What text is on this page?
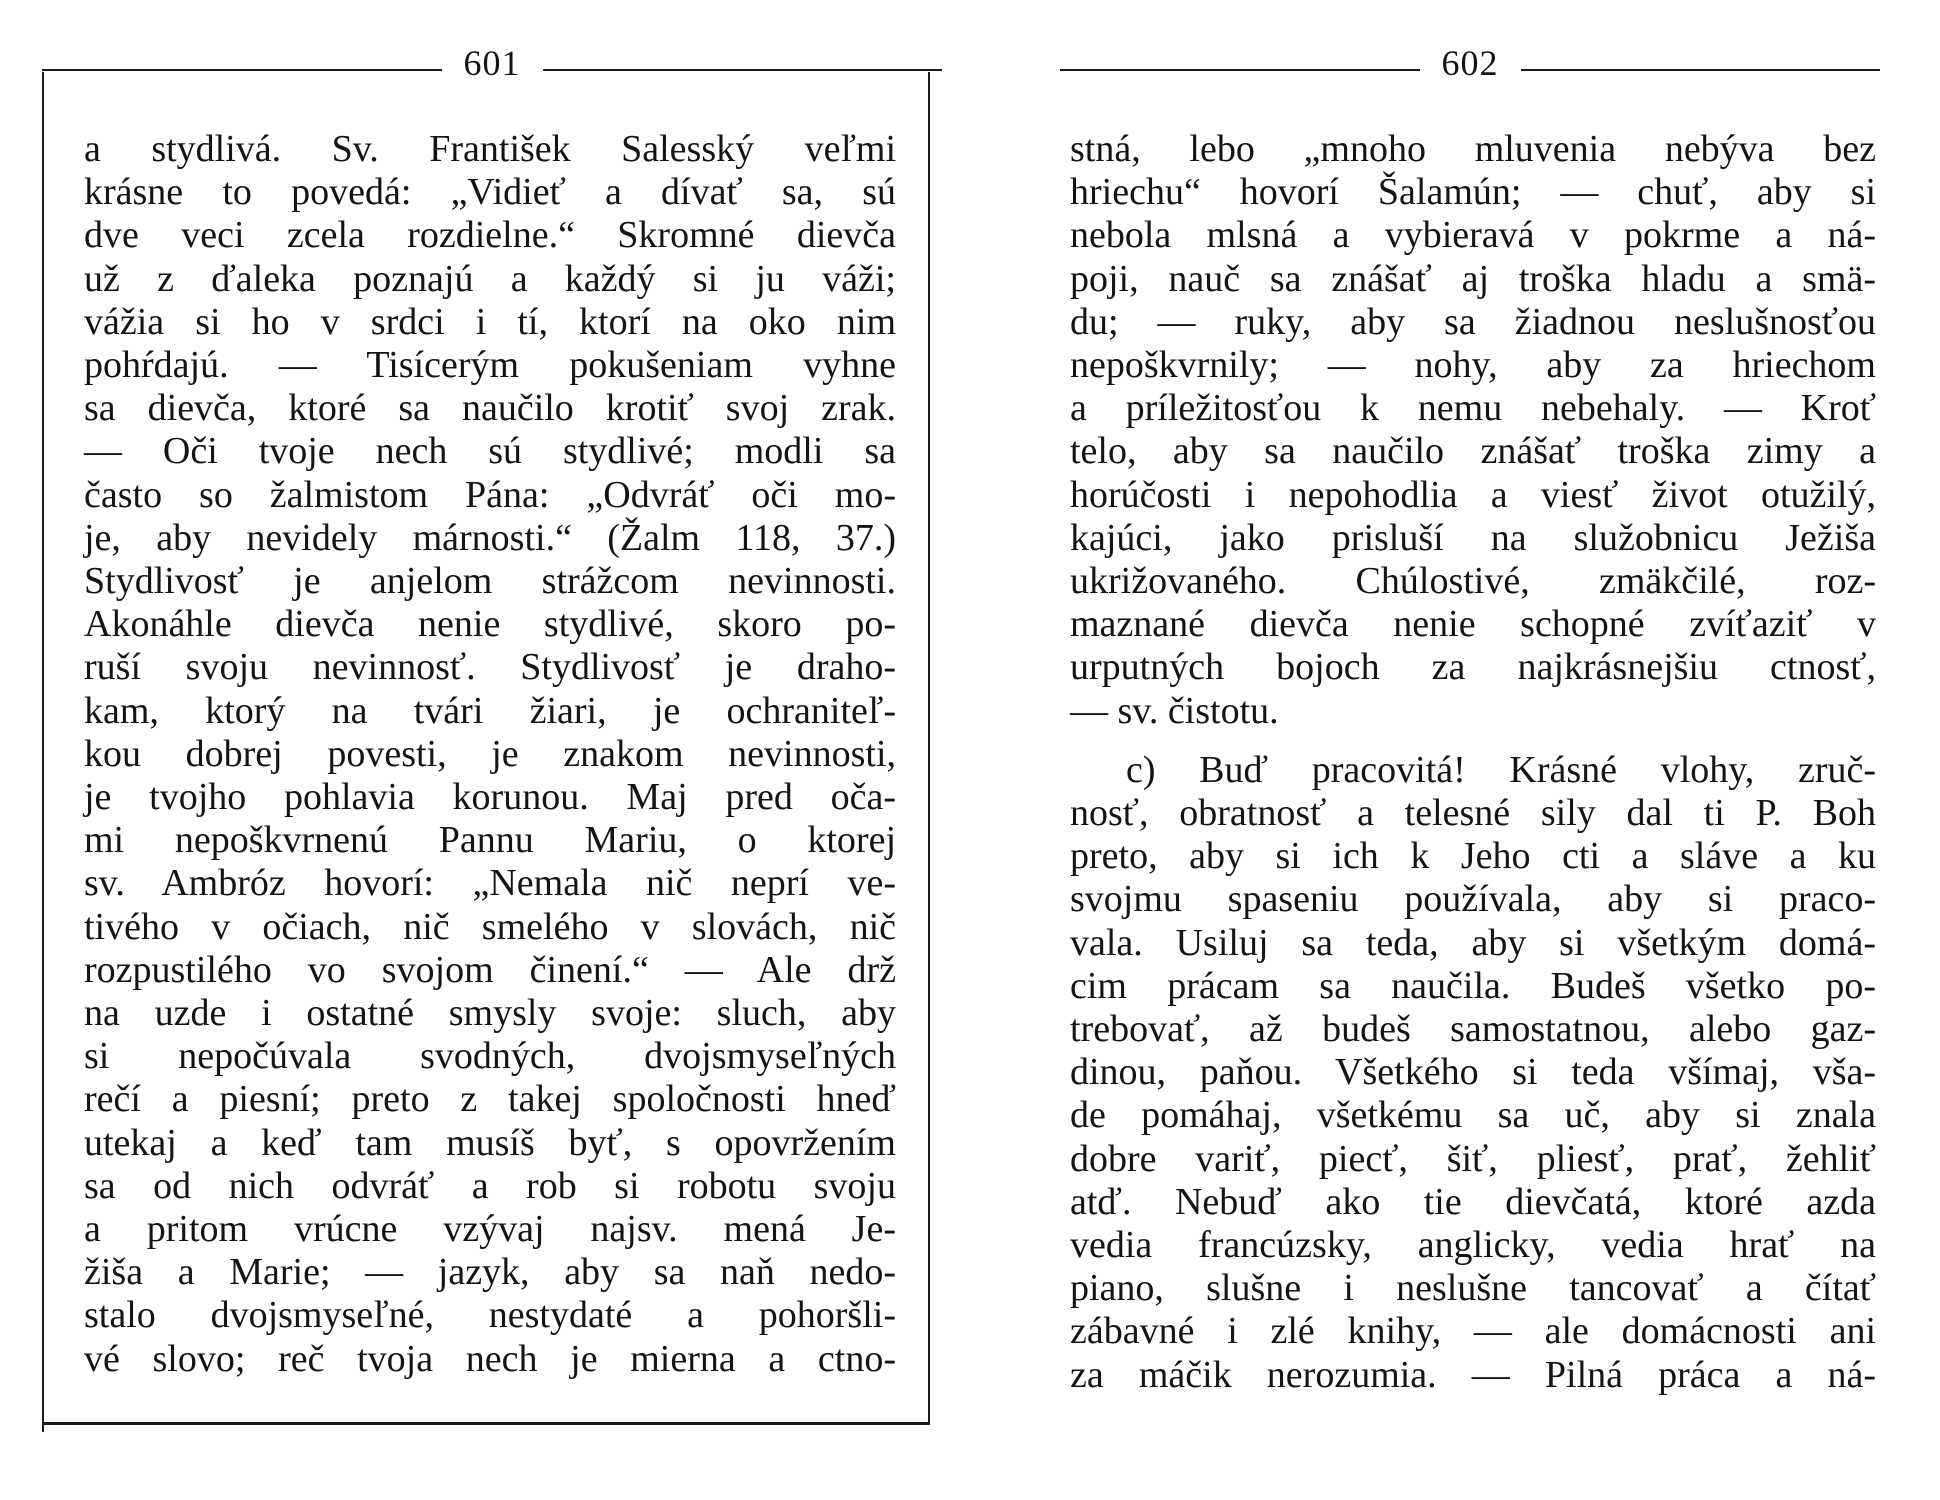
601
a stydlivá. Sv. František Salesský veľmi
krásne to povedá: „Vidieť a dívať sa, sú
dve veci zcela rozdielne.“ Skromné dievča
už z ďaleka poznajú a každý si ju váži;
vážia si ho v srdci i tí, ktorí na oko nim
pohŕdajú. — Tisícerým pokušeniam vyhne
sa dievča, ktoré sa naučilo krotiť svoj zrak.
— Oči tvoje nech sú stydlivé; modli sa
často so žalmistom Pána: „Odvráť oči mo-
je, aby nevidely márnosti.“ (Žalm 118, 37.)
Stydlivosť je anjelom strážcom nevinnosti.
Akonáhle dievča nenie stydlivé, skoro po-
ruší svoju nevinnosť. Stydlivosť je draho-
kam, ktorý na tvári žiari, je ochraniteľ-
kou dobrej povesti, je znakom nevinnosti,
je tvojho pohlavia korunou. Maj pred oča-
mi nepoškvrnenú Pannu Mariu, o ktorej
sv. Ambróz hovorí: „Nemala nič neprí ve-
tivého v očiach, nič smelého v slovách, nič
rozpustilého vo svojom činení.“ — Ale drž
na uzde i ostatné smysly svoje: sluch, aby
si nepočúvala svodných, dvojsmyseľných
rečí a piesní; preto z takej spoločnosti hneď
utekaj a keď tam musíš byť, s opovržením
sa od nich odvráť a rob si robotu svoju
a pritom vrúcne vzývaj najsv. mená Je-
žiša a Marie; — jazyk, aby sa naň nedo-
stalo dvojsmyseľné, nestydaté a pohoršli-
vé slovo; reč tvoja nech je mierna a ctno-
602
stná, lebo „mnoho mluvenia nebýva bez
hriechu“ hovorí Šalamún; — chuť, aby si
nebola mlsná a vybieravá v pokrme a ná-
poji, nauč sa znášať aj troška hladu a smä-
du; — ruky, aby sa žiadnou neslušnosťou
nepoškvrnily; — nohy, aby za hriechom
a príležitosťou k nemu nebehaly. — Kroť
telo, aby sa naučilo znášať troška zimy a
horúčosti i nepohodlia a viesť život otužilý,
kajúci, jako prisluší na služobnicu Ježiša
ukrižovaného. Chúlostivé, zmäkčilé, roz-
maznané dievča nenie schopné zvíťaziť v
urputných bojoch za najkrásnejšiu ctnosť,
— sv. čistotu.
c) Buď pracovitá! Krásné vlohy, zruč-
nosť, obratnosť a telesné sily dal ti P. Boh
preto, aby si ich k Jeho cti a sláve a ku
svojmu spaseniu používala, aby si praco-
vala. Usiluj sa teda, aby si všetkým domá-
cim prácam sa naučila. Budeš všetko po-
trebovať, až budeš samostatnou, alebo gaz-
dinou, paňou. Všetkého si teda všímaj, vša-
de pomáhaj, všetkému sa uč, aby si znala
dobre variť, piecť, šiť, pliesť, prať, žehliť
atď. Nebuď ako tie dievčatá, ktoré azda
vedia francúzsky, anglicky, vedia hrať na
piano, slušne i neslušne tancovať a čítať
zábavné i zlé knihy, — ale domácnosti ani
za máčik nerozumia. — Pilná práca a ná-
